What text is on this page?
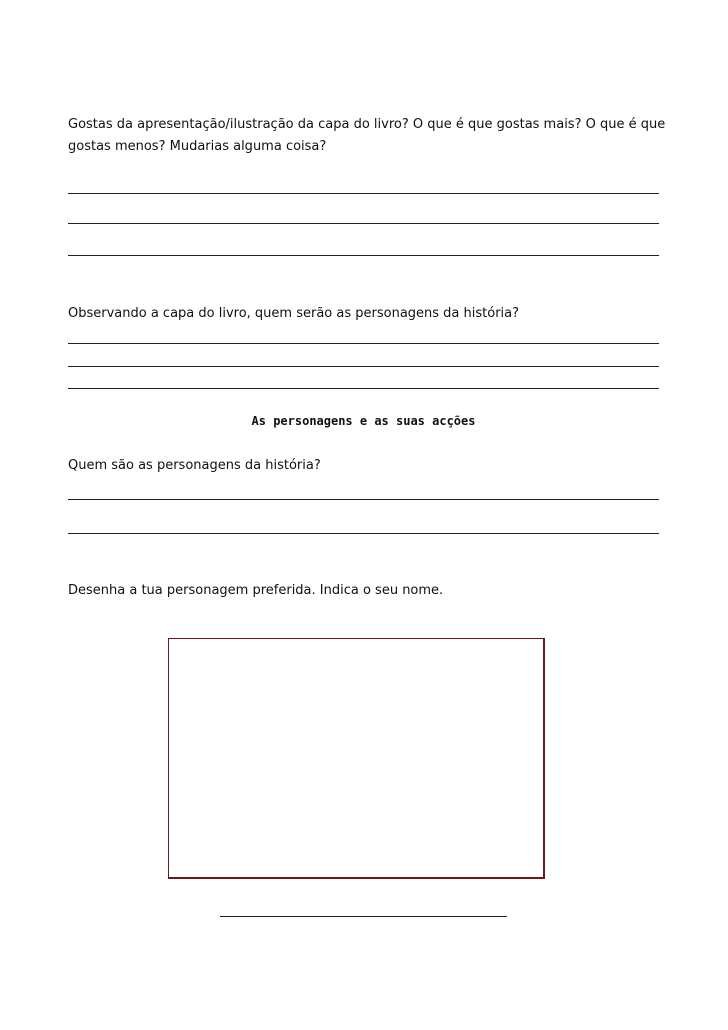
Gostas da apresentação/ilustração da capa do livro? O que é que gostas mais? O que é que gostas menos? Mudarias alguma coisa?

Observando a capa do livro, quem serão as personagens da história?

As personagens e as suas acções

Quem são as personagens da história?

Desenha a tua personagem preferida. Indica o seu nome.
